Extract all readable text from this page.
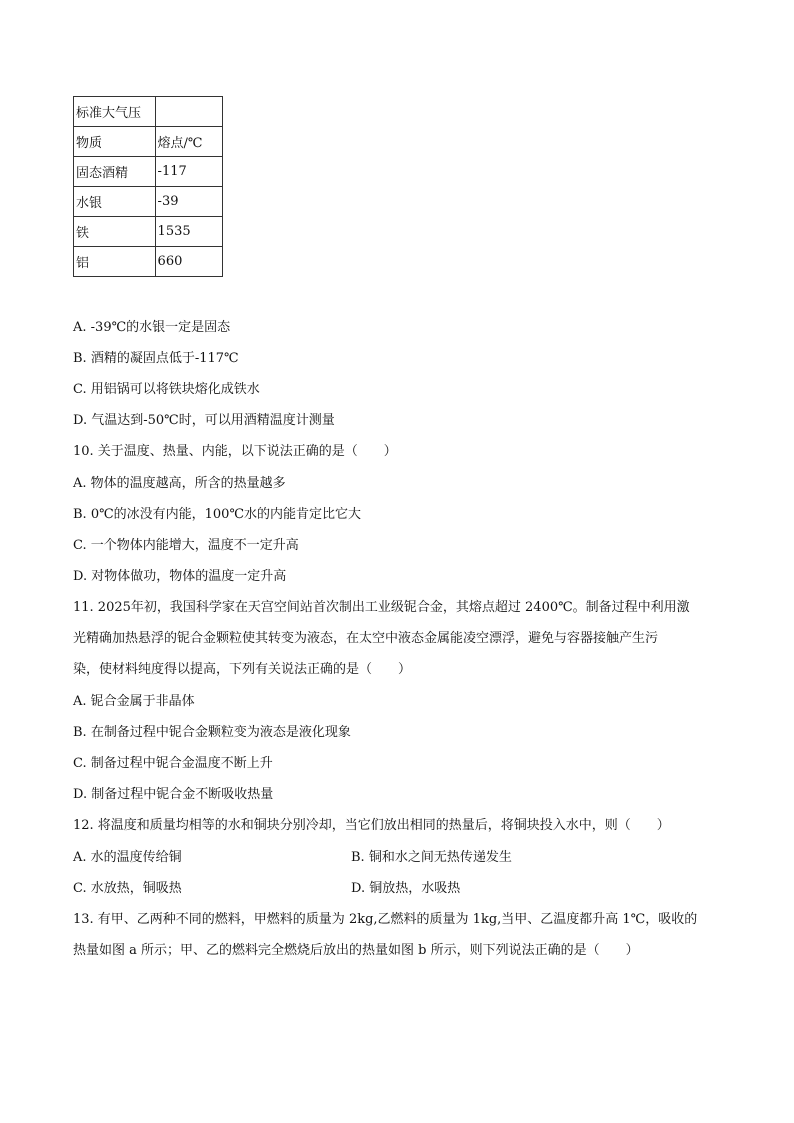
标准大气压	
物质	熔点/℃
固态酒精	-117
水银	-39
铁	1535
铝	660
A. -39℃的水银一定是固态
B. 酒精的凝固点低于-117℃
C. 用铝锅可以将铁块熔化成铁水
D. 气温达到-50℃时，可以用酒精温度计测量
10. 关于温度、热量、内能，以下说法正确的是（　　）
A. 物体的温度越高，所含的热量越多
B. 0℃的冰没有内能，100℃水的内能肯定比它大
C. 一个物体内能增大，温度不一定升高
D. 对物体做功，物体的温度一定升高
11. 2025年初，我国科学家在天宫空间站首次制出工业级铌合金，其熔点超过 2400℃。制备过程中利用激
光精确加热悬浮的铌合金颗粒使其转变为液态，在太空中液态金属能凌空漂浮，避免与容器接触产生污
染，使材料纯度得以提高，下列有关说法正确的是（　　）
A. 铌合金属于非晶体
B. 在制备过程中铌合金颗粒变为液态是液化现象
C. 制备过程中铌合金温度不断上升
D. 制备过程中铌合金不断吸收热量
12. 将温度和质量均相等的水和铜块分别冷却，当它们放出相同的热量后，将铜块投入水中，则（　　）
A. 水的温度传给铜	B. 铜和水之间无热传递发生
C. 水放热，铜吸热	D. 铜放热，水吸热
13. 有甲、乙两种不同的燃料，甲燃料的质量为 2kg,乙燃料的质量为 1kg,当甲、乙温度都升高 1℃，吸收的
热量如图 a 所示；甲、乙的燃料完全燃烧后放出的热量如图 b 所示，则下列说法正确的是（　　）
